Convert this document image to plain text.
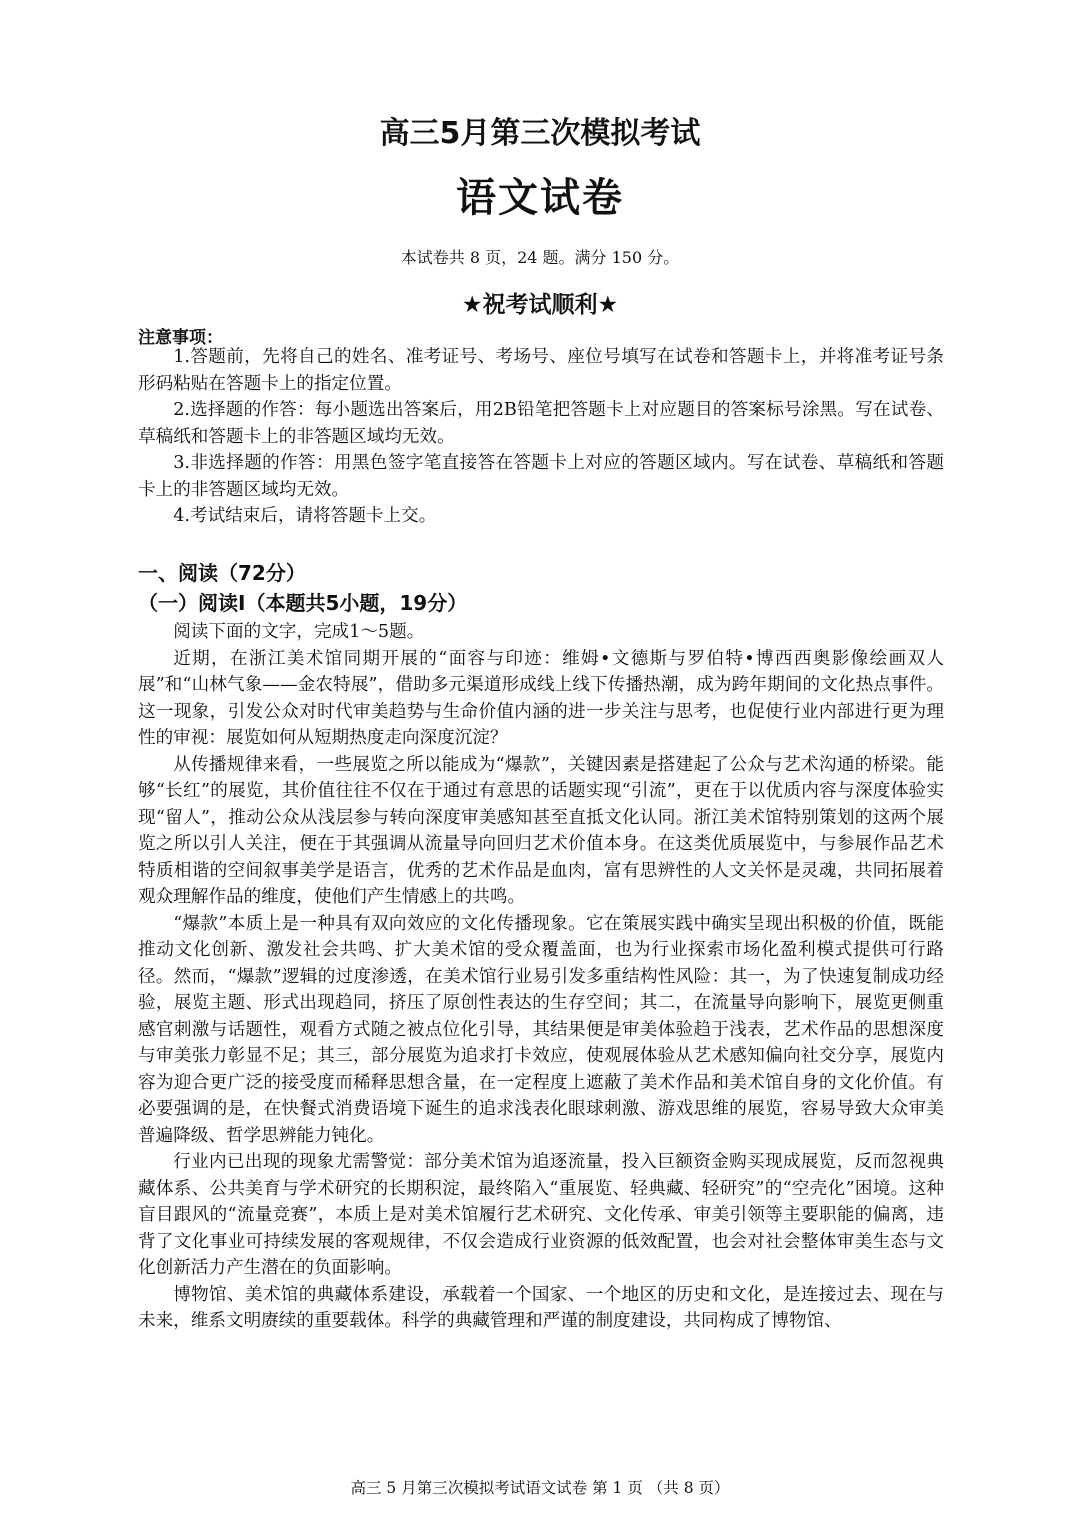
高三5月第三次模拟考试
语文试卷
本试卷共 8 页，24 题。满分 150 分。
★祝考试顺利★
注意事项：

1.答题前，先将自己的姓名、准考证号、考场号、座位号填写在试卷和答题卡上，并将准考证号条形码粘贴在答题卡上的指定位置。

2.选择题的作答：每小题选出答案后，用2B铅笔把答题卡上对应题目的答案标号涂黑。写在试卷、草稿纸和答题卡上的非答题区域均无效。

3.非选择题的作答：用黑色签字笔直接答在答题卡上对应的答题区域内。写在试卷、草稿纸和答题卡上的非答题区域均无效。

4.考试结束后，请将答题卡上交。

一、阅读（72分）
（一）阅读Ⅰ（本题共5小题，19分）

阅读下面的文字，完成1～5题。

近期，在浙江美术馆同期开展的“面容与印迹：维姆•文德斯与罗伯特•博西西奥影像绘画双人展”和“山林气象——金农特展”，借助多元渠道形成线上线下传播热潮，成为跨年期间的文化热点事件。这一现象，引发公众对时代审美趋势与生命价值内涵的进一步关注与思考，也促使行业内部进行更为理性的审视：展览如何从短期热度走向深度沉淀？

从传播规律来看，一些展览之所以能成为“爆款”，关键因素是搭建起了公众与艺术沟通的桥梁。能够“长红”的展览，其价值往往不仅在于通过有意思的话题实现“引流”，更在于以优质内容与深度体验实现“留人”，推动公众从浅层参与转向深度审美感知甚至直抵文化认同。浙江美术馆特别策划的这两个展览之所以引人关注，便在于其强调从流量导向回归艺术价值本身。在这类优质展览中，与参展作品艺术特质相谐的空间叙事美学是语言，优秀的艺术作品是血肉，富有思辨性的人文关怀是灵魂，共同拓展着观众理解作品的维度，使他们产生情感上的共鸣。

“爆款”本质上是一种具有双向效应的文化传播现象。它在策展实践中确实呈现出积极的价值，既能推动文化创新、激发社会共鸣、扩大美术馆的受众覆盖面，也为行业探索市场化盈利模式提供可行路径。然而，“爆款”逻辑的过度渗透，在美术馆行业易引发多重结构性风险：其一，为了快速复制成功经验，展览主题、形式出现趋同，挤压了原创性表达的生存空间；其二，在流量导向影响下，展览更侧重感官刺激与话题性，观看方式随之被点位化引导，其结果便是审美体验趋于浅表，艺术作品的思想深度与审美张力彰显不足；其三，部分展览为追求打卡效应，使观展体验从艺术感知偏向社交分享，展览内容为迎合更广泛的接受度而稀释思想含量，在一定程度上遮蔽了美术作品和美术馆自身的文化价值。有必要强调的是，在快餐式消费语境下诞生的追求浅表化眼球刺激、游戏思维的展览，容易导致大众审美普遍降级、哲学思辨能力钝化。

行业内已出现的现象尤需警觉：部分美术馆为追逐流量，投入巨额资金购买现成展览，反而忽视典藏体系、公共美育与学术研究的长期积淀，最终陷入“重展览、轻典藏、轻研究”的“空壳化”困境。这种盲目跟风的“流量竞赛”，本质上是对美术馆履行艺术研究、文化传承、审美引领等主要职能的偏离，违背了文化事业可持续发展的客观规律，不仅会造成行业资源的低效配置，也会对社会整体审美生态与文化创新活力产生潜在的负面影响。

博物馆、美术馆的典藏体系建设，承载着一个国家、一个地区的历史和文化，是连接过去、现在与未来，维系文明赓续的重要载体。科学的典藏管理和严谨的制度建设，共同构成了博物馆、

高三 5 月第三次模拟考试语文试卷 第 1 页 （共 8 页）
